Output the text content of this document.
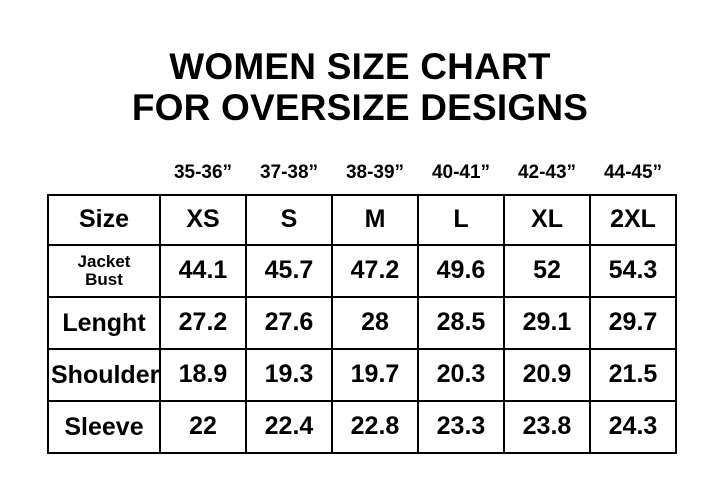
WOMEN SIZE CHART
FOR OVERSIZE DESIGNS
	35-36”	37-38”	38-39”	40-41”	42-43”	44-45”
Size	XS	S	M	L	XL	2XL

Jacket
Bust	44.1	45.7	47.2	49.6	52	54.3
Lenght	27.2	27.6	28	28.5	29.1	29.7
Shoulder	18.9	19.3	19.7	20.3	20.9	21.5
Sleeve	22	22.4	22.8	23.3	23.8	24.3
